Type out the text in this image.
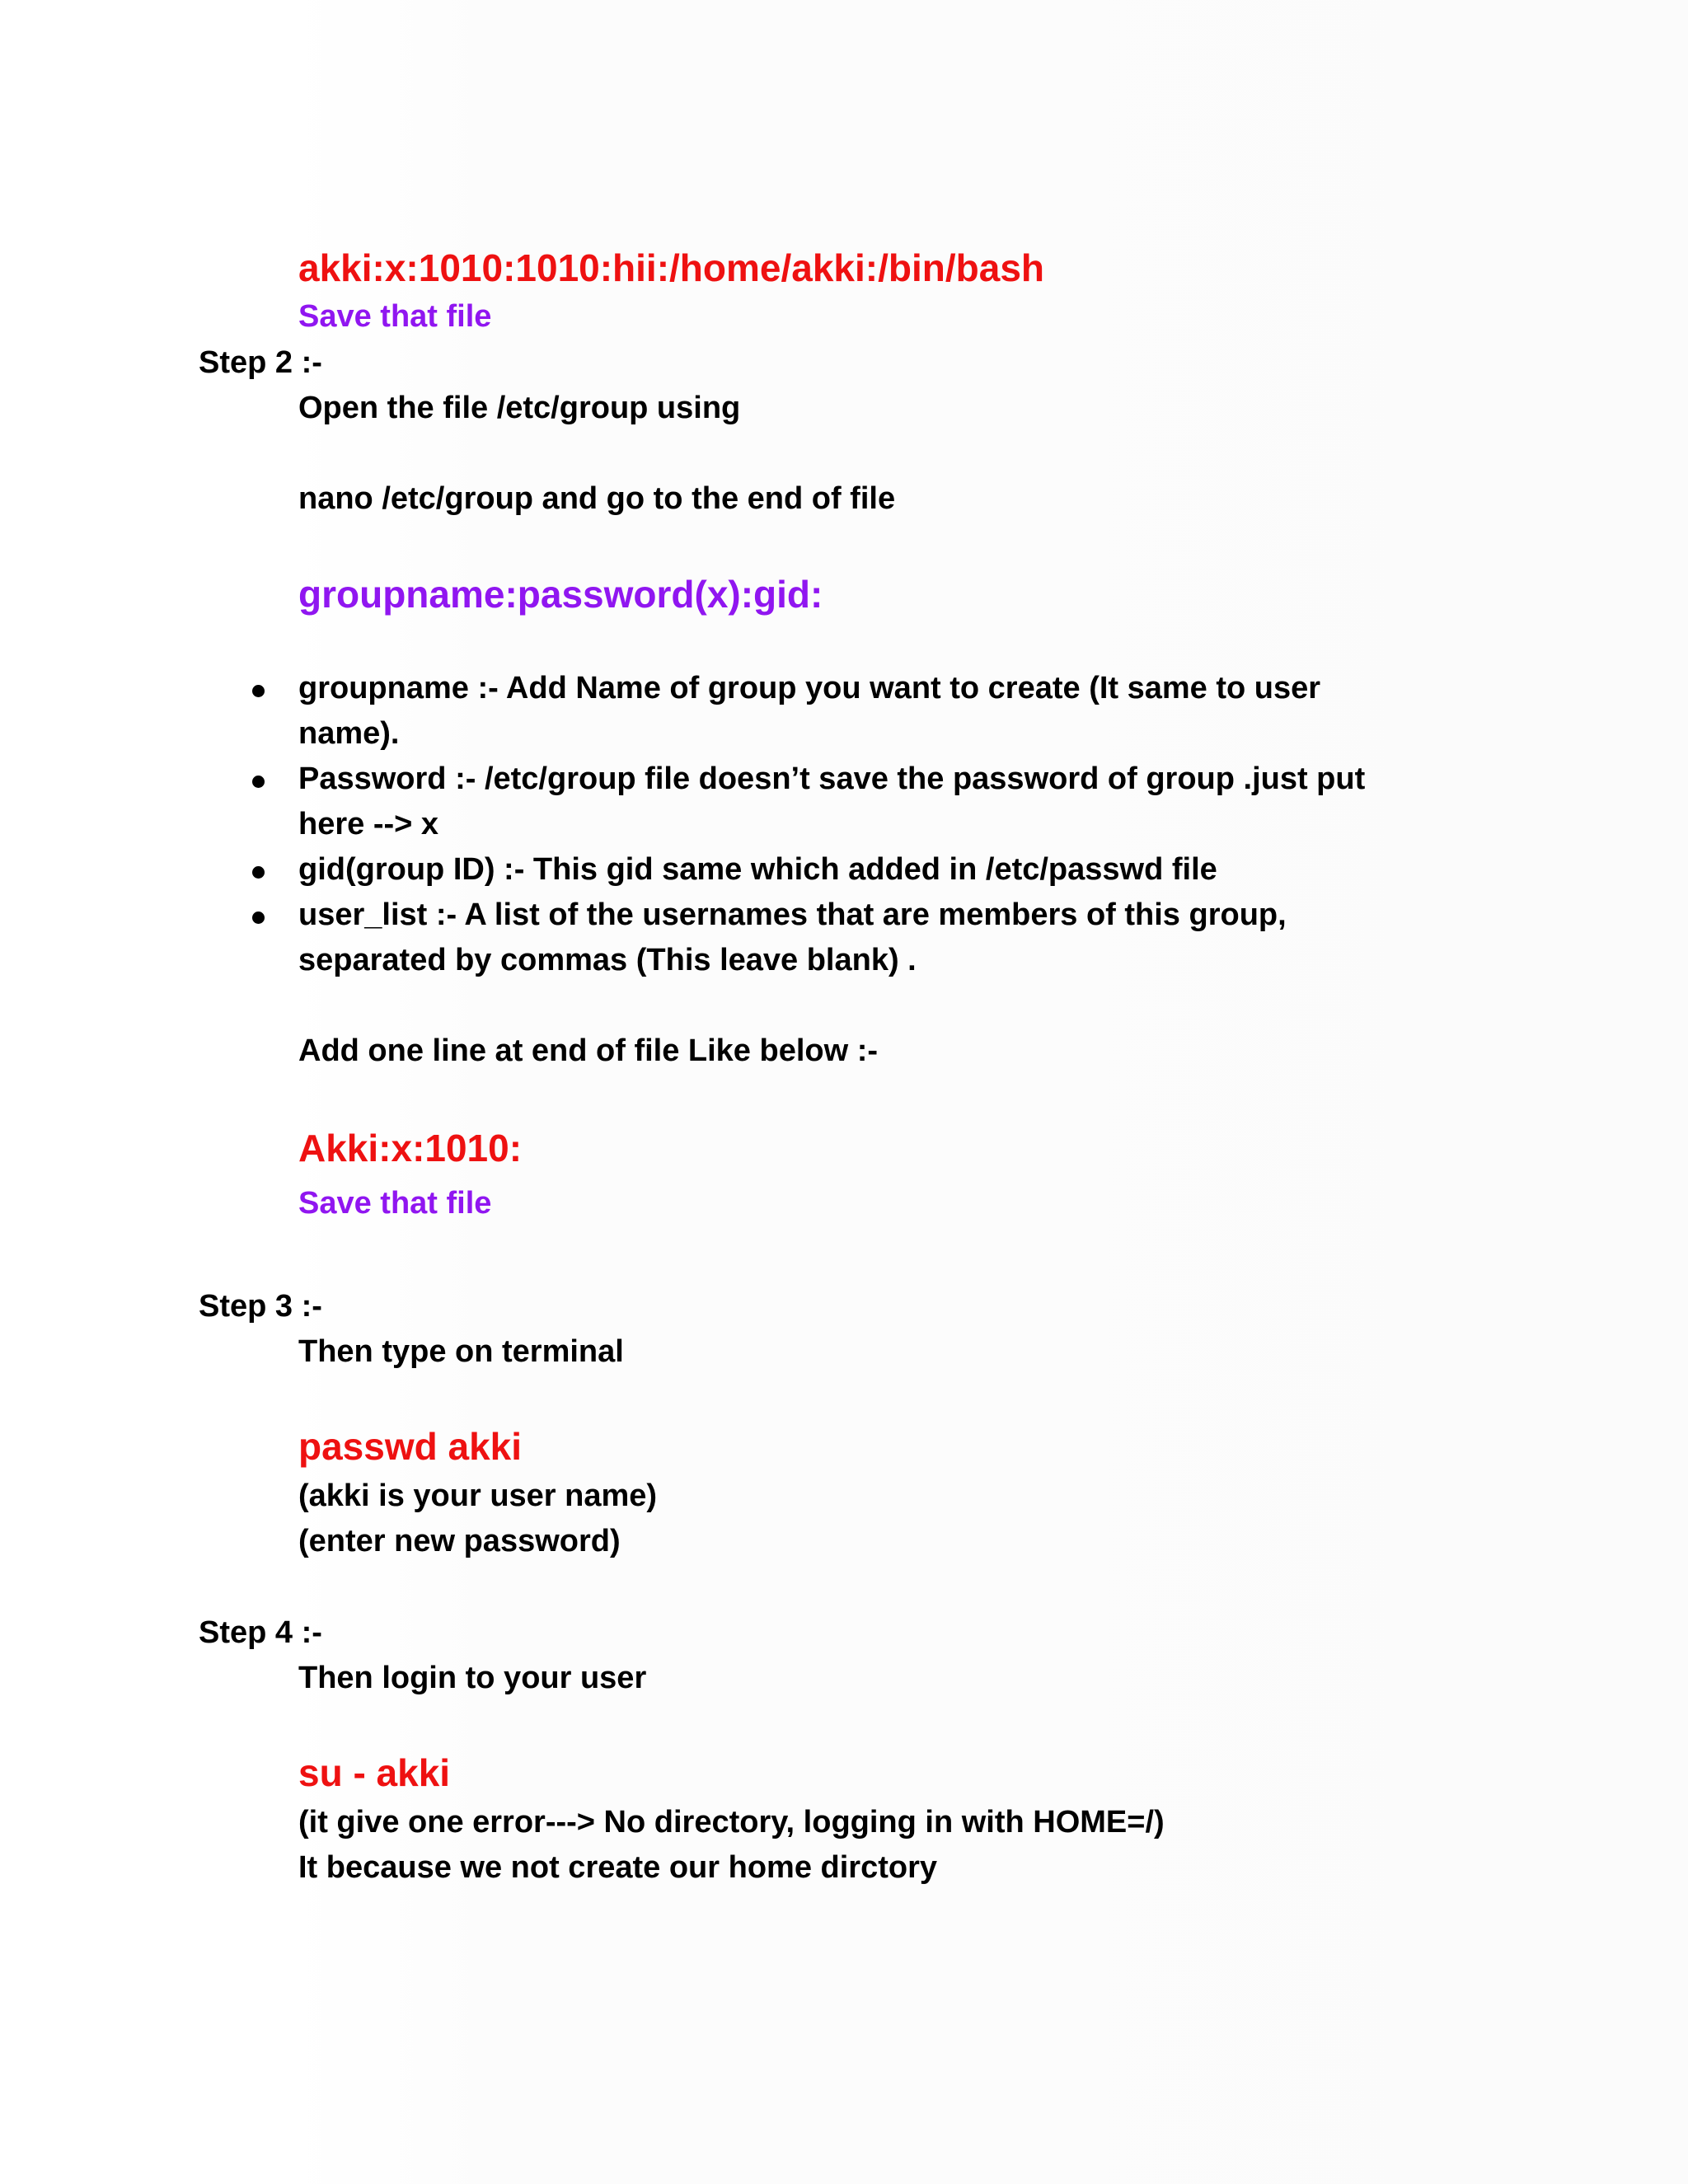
akki:x:1010:1010:hii:/home/akki:/bin/bash
Save that file
Step 2 :-
Open the file /etc/group using
nano /etc/group and go to the end of file
groupname:password(x):gid:
groupname :- Add Name of group you want to create (It same to user
name).
Password :- /etc/group file doesn’t save the password of group .just put
here --> x
gid(group ID) :- This gid same which added in /etc/passwd file
user_list :- A list of the usernames that are members of this group,
separated by commas (This leave blank) .
Add one line at end of file Like below :-
Akki:x:1010:
Save that file
Step 3 :-
Then type on terminal
passwd akki
(akki is your user name)
(enter new password)
Step 4 :-
Then login to your user
su - akki
(it give one error---> No directory, logging in with HOME=/)
It because we not create our home dirctory
